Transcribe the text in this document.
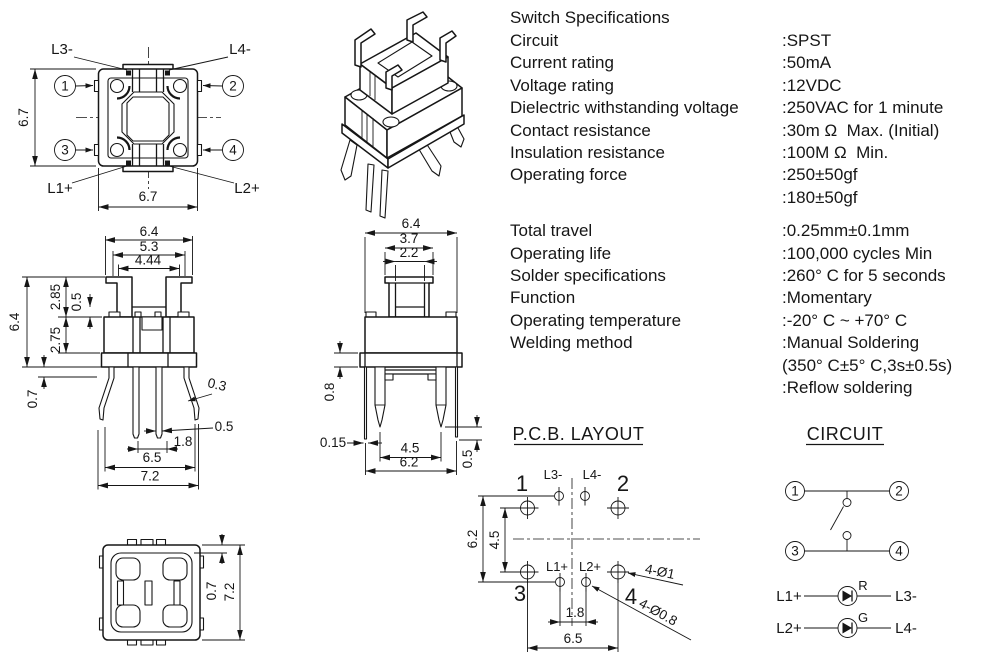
1	2
3	4
L3-	L4-
L1+	L2+
6.7
6.7
6.4
5.3
4.44
6.4
2.85 0.5
2.75
0.7
0.3
0.5
1.8
6.5
7.2
6.4
3.7
2.2
0.8
0.15	4.5
6.2	0.5
0.7 7.2
P.C.B. LAYOUT
1	2
3	4
L3- L4-
L1+ L2+
6.2 4.5
1.8
6.5
4-Ø1
4-Ø0.8
CIRCUIT
1	2
3	4
L1+
R
L3-
L2+
G
L4-
Switch Specifications
Circuit	:SPST
Current rating	:50mA
Voltage rating	:12VDC
Dielectric withstanding voltage	:250VAC for 1 minute
Contact resistance	:30m Ω  Max. (Initial)
Insulation resistance	:100M Ω  Min.
Operating force	:250±50gf
:180±50gf
Total travel	:0.25mm±0.1mm
Operating life	:100,000 cycles Min
Solder specifications	:260° C for 5 seconds
Function	:Momentary
Operating temperature	:-20° C ~ +70° C
Welding method	:Manual Soldering
(350° C±5° C,3s±0.5s)
:Reflow soldering
